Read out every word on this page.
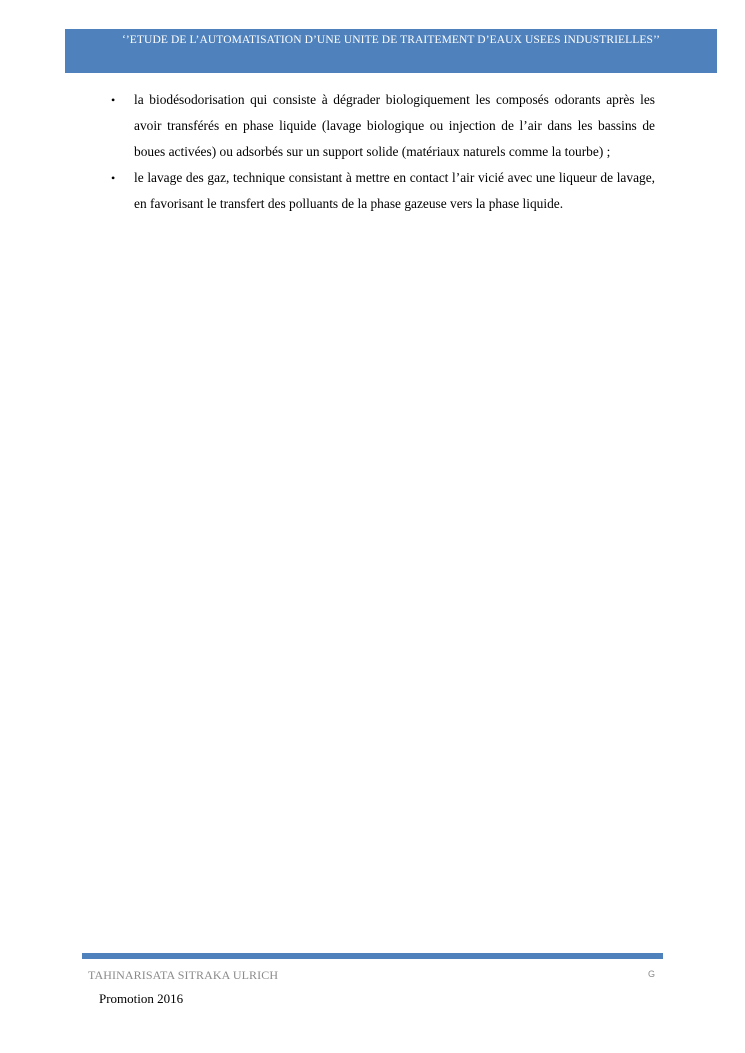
‘’ETUDE DE L’AUTOMATISATION D’UNE UNITE DE TRAITEMENT D’EAUX USEES INDUSTRIELLES’’
• la biodésodorisation qui consiste à dégrader biologiquement les composés odorants après les avoir transférés en phase liquide (lavage biologique ou injection de l’air dans les bassins de boues activées) ou adsorbés sur un support solide (matériaux naturels comme la tourbe) ;
• le lavage des gaz, technique consistant à mettre en contact l’air vicié avec une liqueur de lavage, en favorisant le transfert des polluants de la phase gazeuse vers la phase liquide.
TAHINARISATA SITRAKA ULRICH	G
Promotion 2016
